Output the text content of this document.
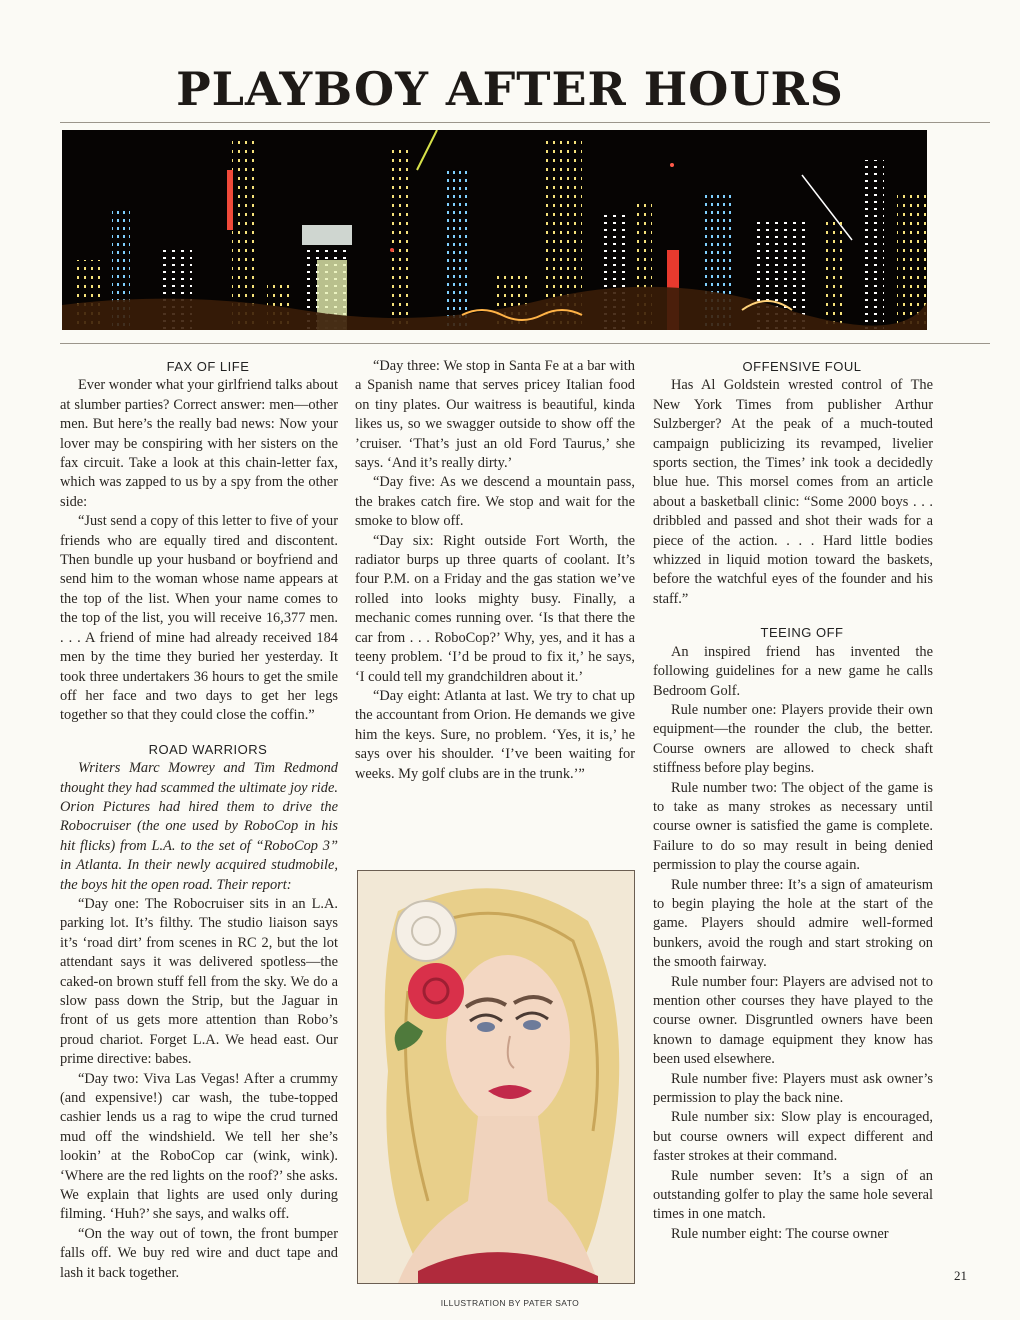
PLAYBOY AFTER HOURS

FAX OF LIFE

Ever wonder what your girlfriend talks about at slumber parties? Correct answer: men—other men. But here’s the really bad news: Now your lover may be conspiring with her sisters on the fax circuit. Take a look at this chain-letter fax, which was zapped to us by a spy from the other side:

“Just send a copy of this letter to five of your friends who are equally tired and discontent. Then bundle up your husband or boyfriend and send him to the woman whose name appears at the top of the list. When your name comes to the top of the list, you will receive 16,377 men. . . . A friend of mine had already received 184 men by the time they buried her yesterday. It took three undertakers 36 hours to get the smile off her face and two days to get her legs together so that they could close the coffin.”

ROAD WARRIORS

Writers Marc Mowrey and Tim Redmond thought they had scammed the ultimate joy ride. Orion Pictures had hired them to drive the Robocruiser (the one used by RoboCop in his hit flicks) from L.A. to the set of “RoboCop 3” in Atlanta. In their newly acquired studmobile, the boys hit the open road. Their report:

“Day one: The Robocruiser sits in an L.A. parking lot. It’s filthy. The studio liaison says it’s ‘road dirt’ from scenes in RC 2, but the lot attendant says it was delivered spotless—the caked-on brown stuff fell from the sky. We do a slow pass down the Strip, but the Jaguar in front of us gets more attention than Robo’s proud chariot. Forget L.A. We head east. Our prime directive: babes.

“Day two: Viva Las Vegas! After a crummy (and expensive!) car wash, the tube-topped cashier lends us a rag to wipe the crud turned mud off the windshield. We tell her she’s lookin’ at the RoboCop car (wink, wink). ‘Where are the red lights on the roof?’ she asks. We explain that lights are used only during filming. ‘Huh?’ she says, and walks off.

“On the way out of town, the front bumper falls off. We buy red wire and duct tape and lash it back together.

“Day three: We stop in Santa Fe at a bar with a Spanish name that serves pricey Italian food on tiny plates. Our waitress is beautiful, kinda likes us, so we swagger outside to show off the ’cruiser. ‘That’s just an old Ford Taurus,’ she says. ‘And it’s really dirty.’

“Day five: As we descend a mountain pass, the brakes catch fire. We stop and wait for the smoke to blow off.

“Day six: Right outside Fort Worth, the radiator burps up three quarts of coolant. It’s four P.M. on a Friday and the gas station we’ve rolled into looks mighty busy. Finally, a mechanic comes running over. ‘Is that there the car from . . . RoboCop?’ Why, yes, and it has a teeny problem. ‘I’d be proud to fix it,’ he says, ‘I could tell my grandchildren about it.’

“Day eight: Atlanta at last. We try to chat up the accountant from Orion. He demands we give him the keys. Sure, no problem. ‘Yes, it is,’ he says over his shoulder. ‘I’ve been waiting for weeks. My golf clubs are in the trunk.’”

OFFENSIVE FOUL

Has Al Goldstein wrested control of The New York Times from publisher Arthur Sulzberger? At the peak of a much-touted campaign publicizing its revamped, livelier sports section, the Times’ ink took a decidedly blue hue. This morsel comes from an article about a basketball clinic: “Some 2000 boys . . . dribbled and passed and shot their wads for a piece of the action. . . . Hard little bodies whizzed in liquid motion toward the baskets, before the watchful eyes of the founder and his staff.”

TEEING OFF

An inspired friend has invented the following guidelines for a new game he calls Bedroom Golf.

Rule number one: Players provide their own equipment—the rounder the club, the better. Course owners are allowed to check shaft stiffness before play begins.

Rule number two: The object of the game is to take as many strokes as necessary until course owner is satisfied the game is complete. Failure to do so may result in being denied permission to play the course again.

Rule number three: It’s a sign of amateurism to begin playing the hole at the start of the game. Players should admire well-formed bunkers, avoid the rough and start stroking on the smooth fairway.

Rule number four: Players are advised not to mention other courses they have played to the course owner. Disgruntled owners have been known to damage equipment they know has been used elsewhere.

Rule number five: Players must ask owner’s permission to play the back nine.

Rule number six: Slow play is encouraged, but course owners will expect different and faster strokes at their command.

Rule number seven: It’s a sign of an outstanding golfer to play the same hole several times in one match.

Rule number eight: The course owner

21
ILLUSTRATION BY PATER SATO
